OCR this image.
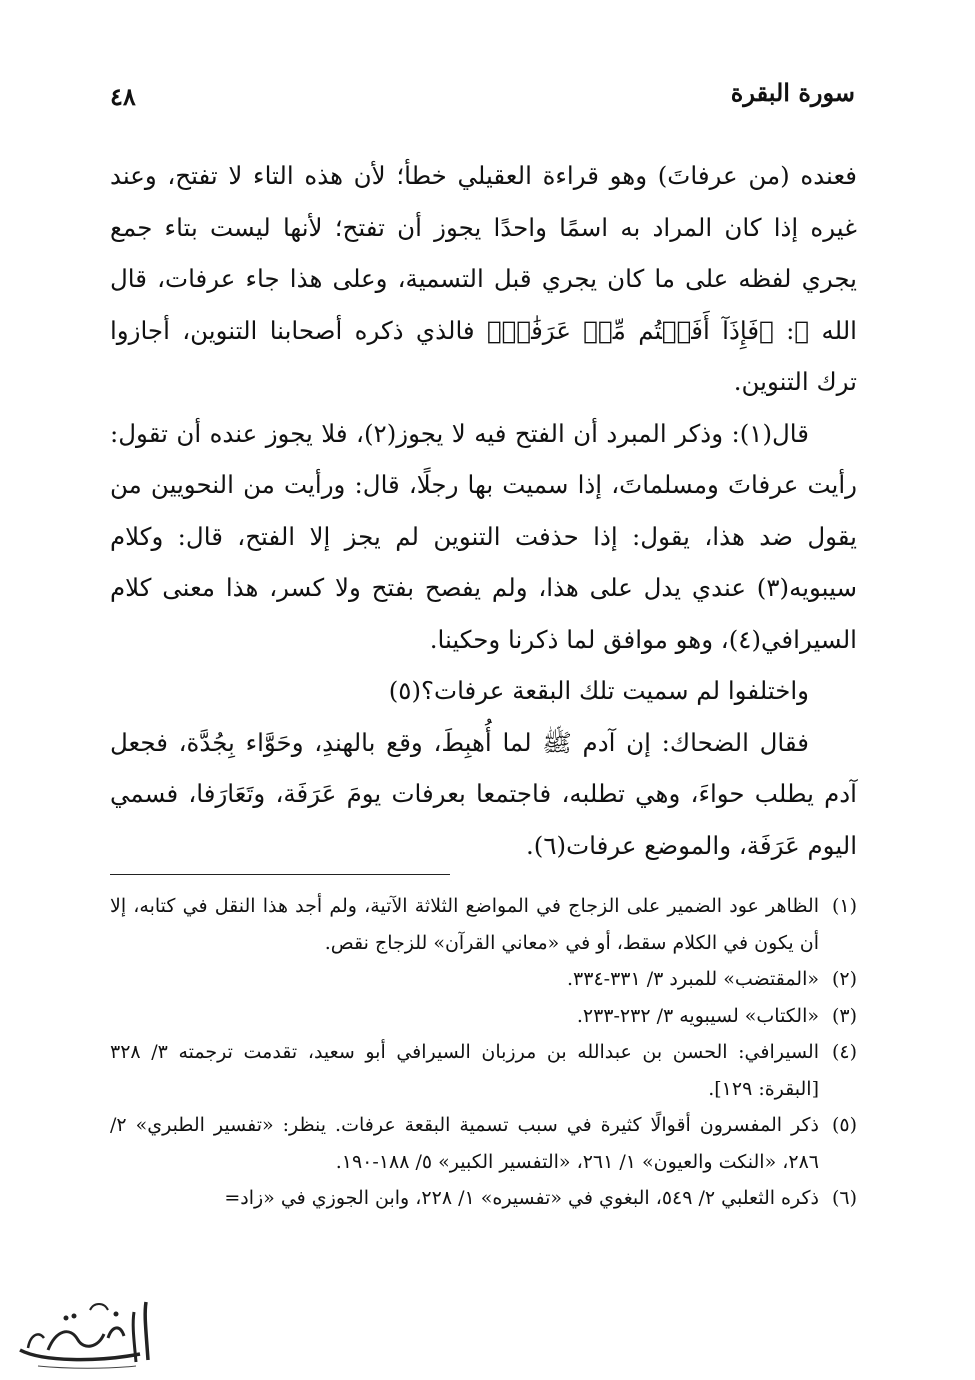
٤٨	سورة البقرة

فعنده (من عرفاتَ) وهو قراءة العقيلي خطأ؛ لأن هذه التاء لا تفتح، وعند غيره إذا كان المراد به اسمًا واحدًا يجوز أن تفتح؛ لأنها ليست بتاء جمع يجري لفظه على ما كان يجري قبل التسمية، وعلى هذا جاء عرفات، قال الله ﷻ: ﴿فَإِذَآ أَفَضۡتُم مِّنۡ عَرَفَٰتٖ﴾ فالذي ذكره أصحابنا التنوين، أجازوا ترك التنوين.

قال(١): وذكر المبرد أن الفتح فيه لا يجوز(٢)، فلا يجوز عنده أن تقول: رأيت عرفاتَ ومسلماتَ، إذا سميت بها رجلًا، قال: ورأيت من النحويين من يقول ضد هذا، يقول: إذا حذفت التنوين لم يجز إلا الفتح، قال: وكلام سيبويه(٣) عندي يدل على هذا، ولم يفصح بفتح ولا كسر، هذا معنى كلام السيرافي(٤)، وهو موافق لما ذكرنا وحكينا.

واختلفوا لم سميت تلك البقعة عرفات؟(٥)

فقال الضحاك: إن آدم ﷺ لما أُهبِطَ، وقع بالهندِ، وحَوَّاء بِجُدَّة، فجعل آدم يطلب حواءَ، وهي تطلبه، فاجتمعا بعرفات يومَ عَرَفَة، وتَعَارَفا، فسمي اليوم عَرَفَة، والموضع عرفات(٦).

(١)
الظاهر عود الضمير على الزجاج في المواضع الثلاثة الآتية، ولم أجد هذا النقل في كتابه، إلا أن يكون في الكلام سقط، أو في «معاني القرآن» للزجاج نقص.

(٢)
«المقتضب» للمبرد ٣/ ٣٣١-٣٣٤.

(٣)
«الكتاب» لسيبويه ٣/ ٢٣٢-٢٣٣.

(٤)
السيرافي: الحسن بن عبدالله بن مرزبان السيرافي أبو سعيد، تقدمت ترجمته ٣/ ٣٢٨ [البقرة: ١٢٩].

(٥)
ذكر المفسرون أقوالًا كثيرة في سبب تسمية البقعة عرفات. ينظر: «تفسير الطبري» ٢/ ٢٨٦، «النكت والعيون» ١/ ٢٦١، «التفسير الكبير» ٥/ ١٨٨-١٩٠.

(٦)
ذكره الثعلبي ٢/ ٥٤٩، البغوي في «تفسيره» ١/ ٢٢٨، وابن الجوزي في «زاد=
